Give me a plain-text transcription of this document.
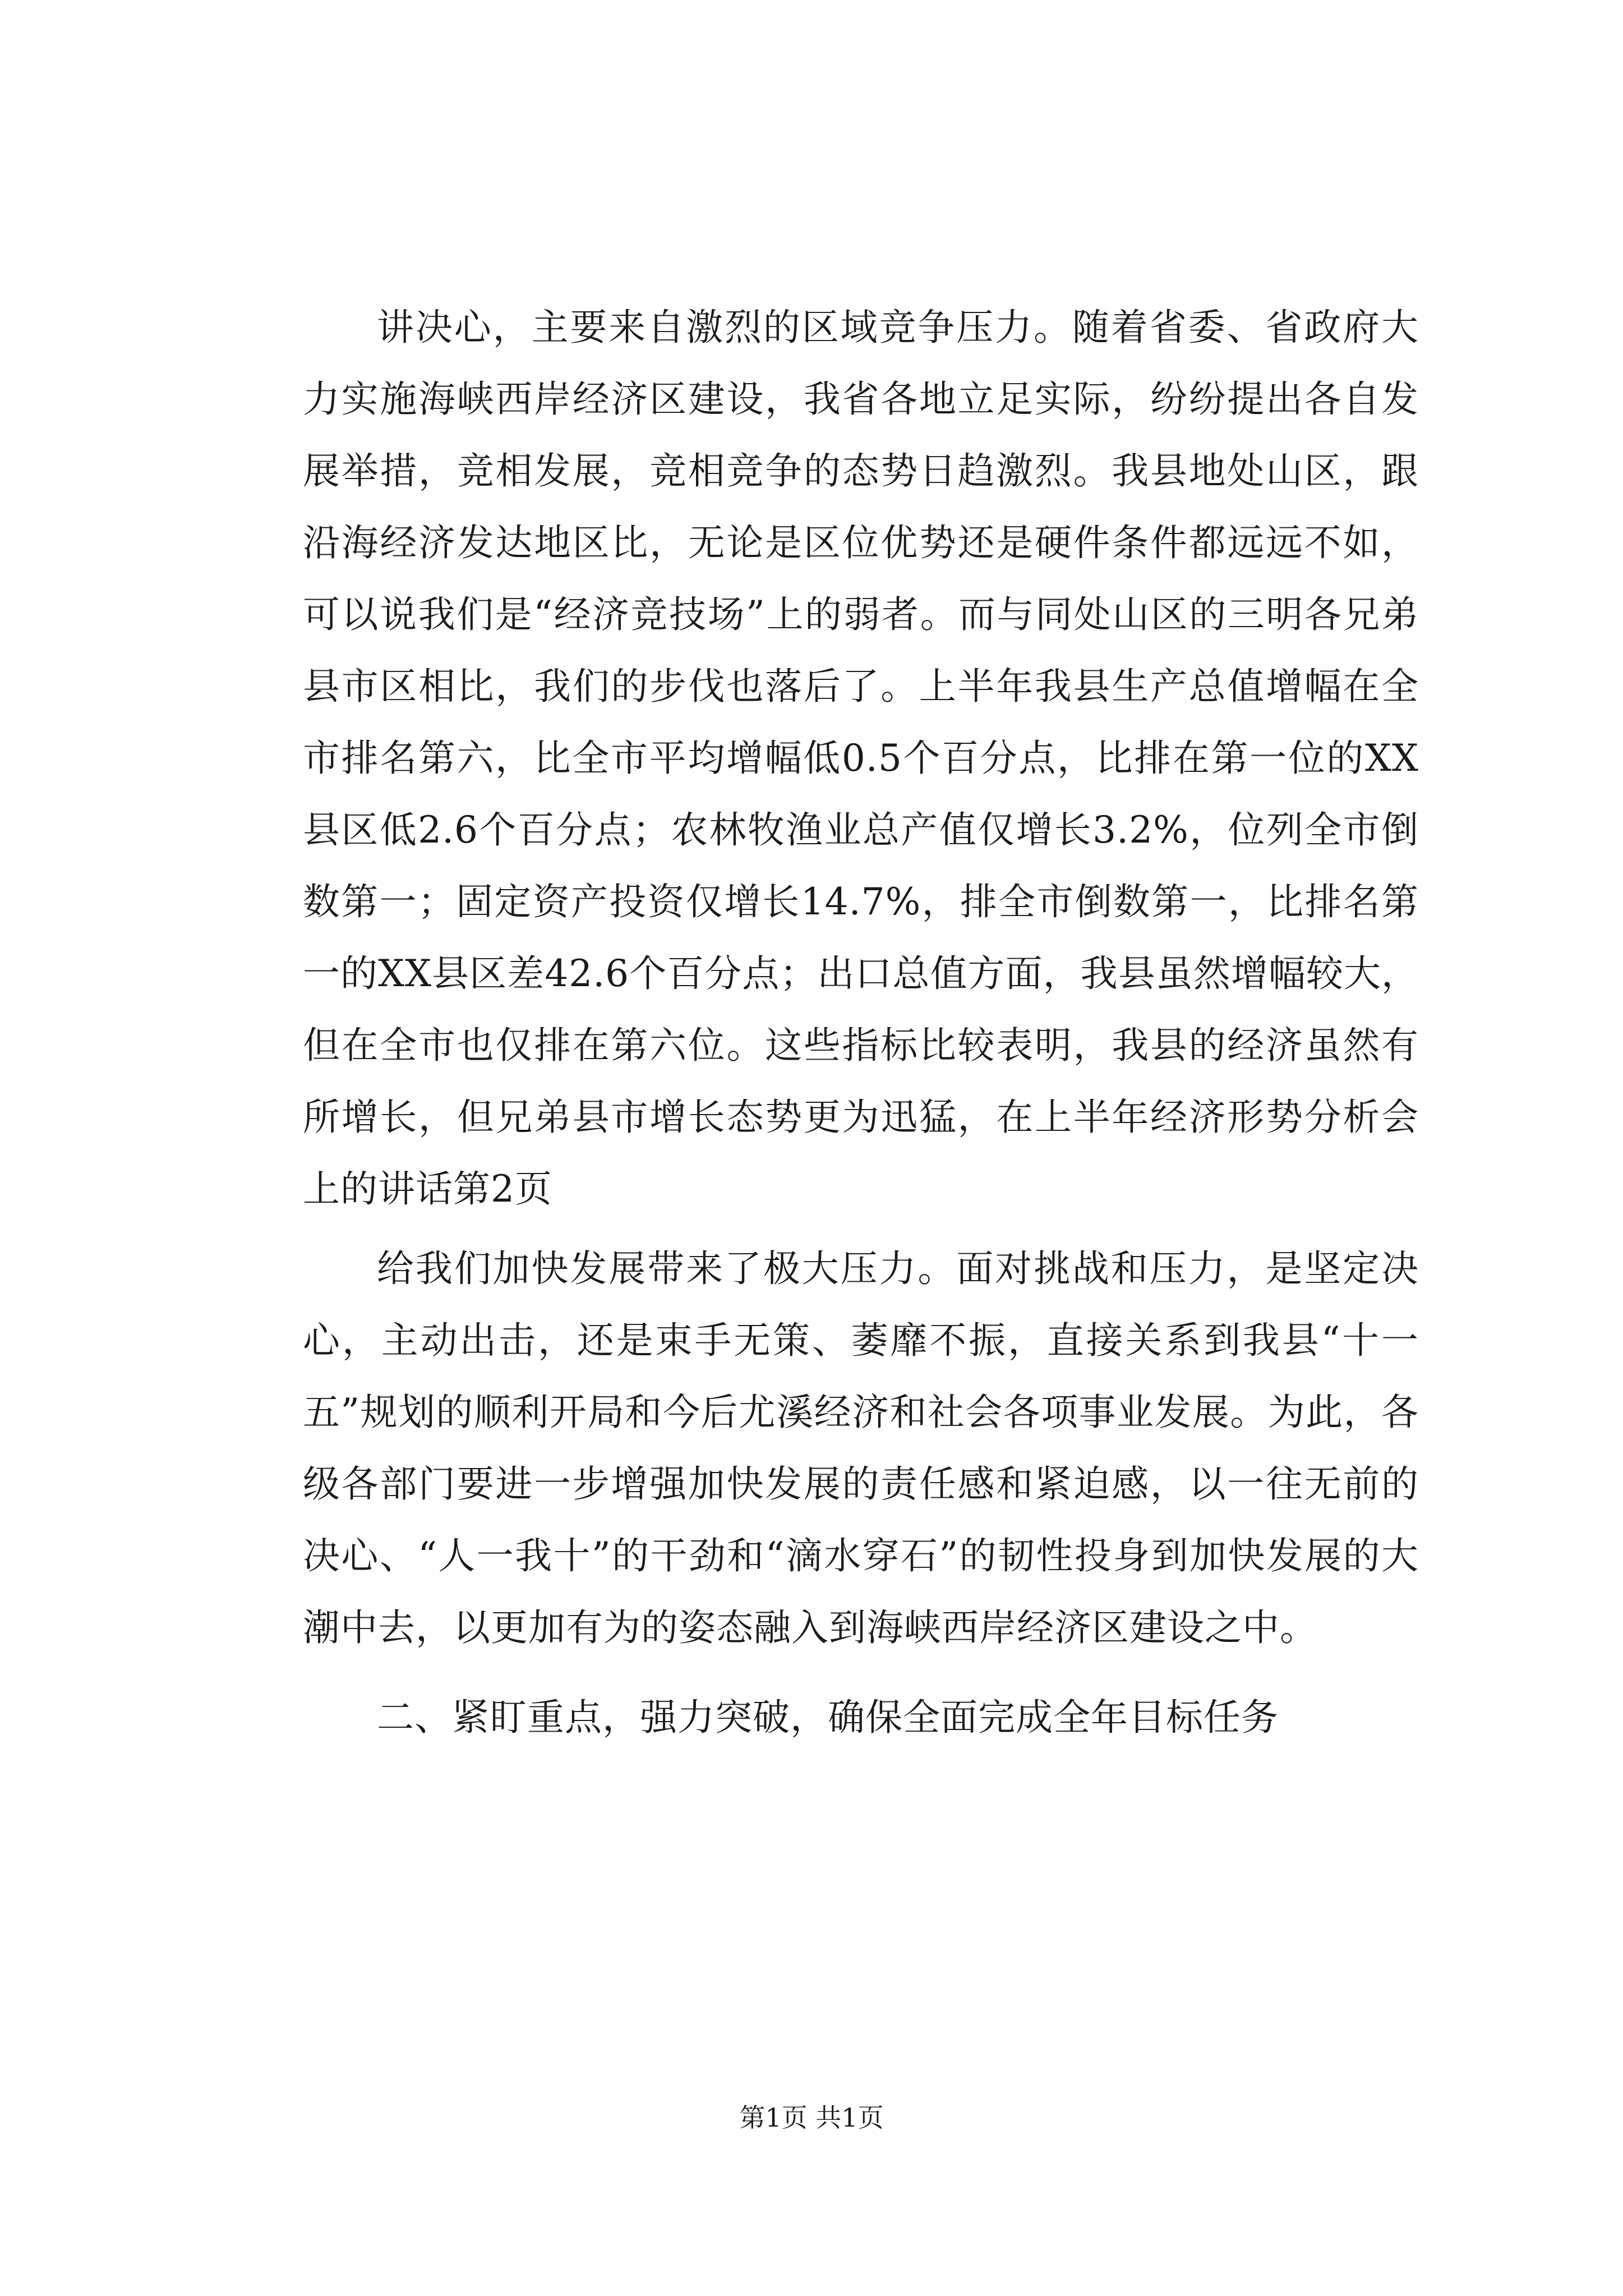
讲决心，主要来自激烈的区域竞争压力。随着省委、省政府大力实施海峡西岸经济区建设，我省各地立足实际，纷纷提出各自发展举措，竞相发展，竞相竞争的态势日趋激烈。我县地处山区，跟沿海经济发达地区比，无论是区位优势还是硬件条件都远远不如，可以说我们是“经济竞技场”上的弱者。而与同处山区的三明各兄弟县市区相比，我们的步伐也落后了。上半年我县生产总值增幅在全市排名第六，比全市平均增幅低0.5个百分点，比排在第一位的XX县区低2.6个百分点；农林牧渔业总产值仅增长3.2%，位列全市倒数第一；固定资产投资仅增长14.7%，排全市倒数第一，比排名第一的XX县区差42.6个百分点；出口总值方面，我县虽然增幅较大，但在全市也仅排在第六位。这些指标比较表明，我县的经济虽然有所增长，但兄弟县市增长态势更为迅猛，在上半年经济形势分析会上的讲话第2页

给我们加快发展带来了极大压力。面对挑战和压力，是坚定决心，主动出击，还是束手无策、萎靡不振，直接关系到我县“十一五”规划的顺利开局和今后尤溪经济和社会各项事业发展。为此，各级各部门要进一步增强加快发展的责任感和紧迫感，以一往无前的决心、“人一我十”的干劲和“滴水穿石”的韧性投身到加快发展的大潮中去，以更加有为的姿态融入到海峡西岸经济区建设之中。

二、紧盯重点，强力突破，确保全面完成全年目标任务

第1页 共1页
